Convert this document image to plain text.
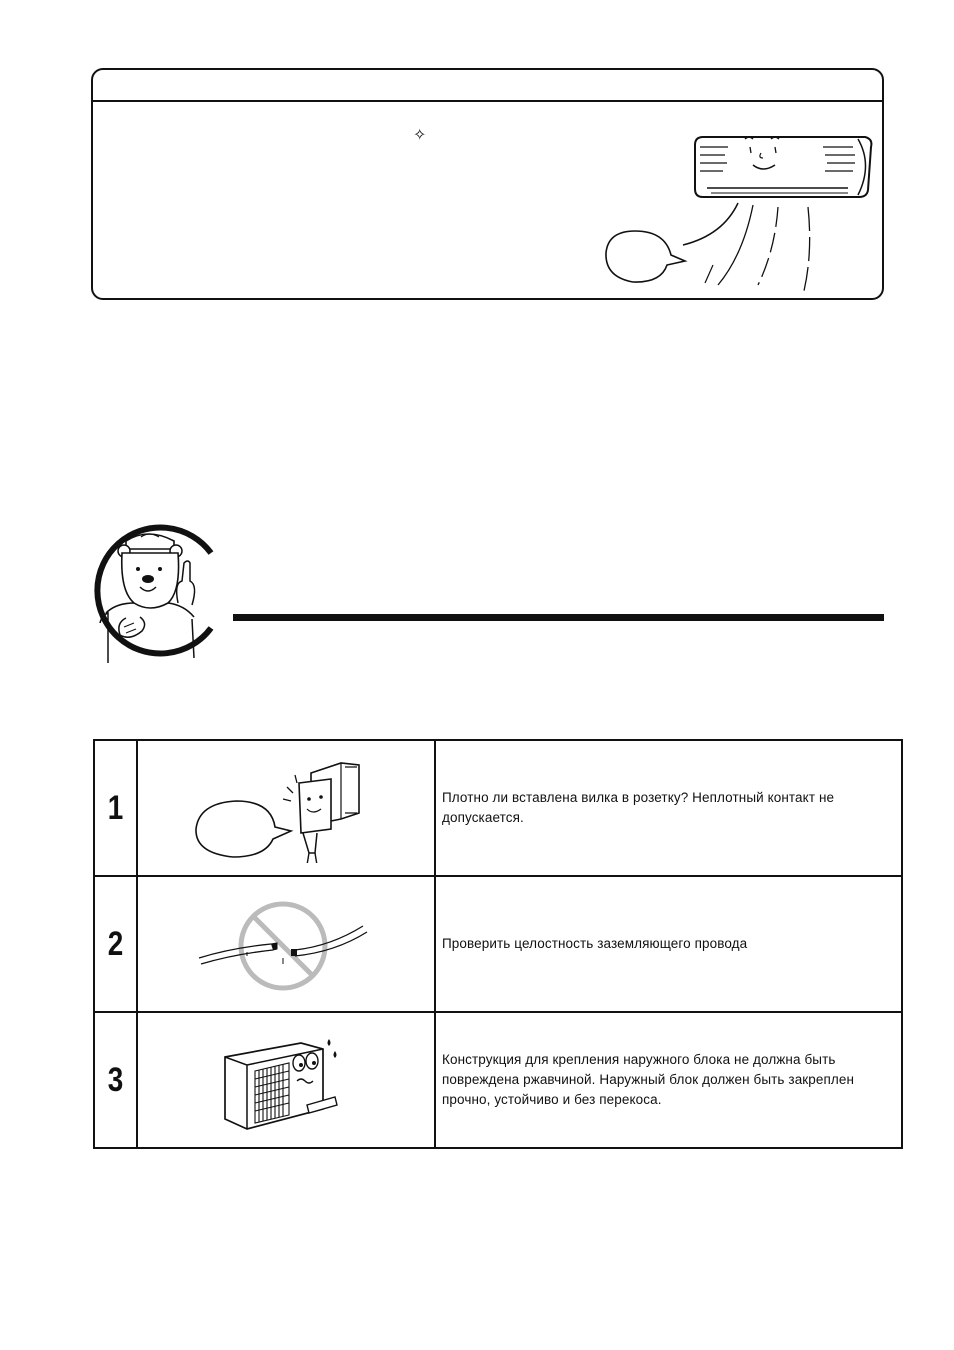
✧
1		Плотно ли вставлена вилка в розетку? Неплотный контакт не допускается.

2		Проверить целостность заземляющего провода

3		Конструкция для крепления наружного блока не должна быть повреждена ржавчиной. Наружный блок должен быть закреплен прочно, устойчиво и без перекоса.
